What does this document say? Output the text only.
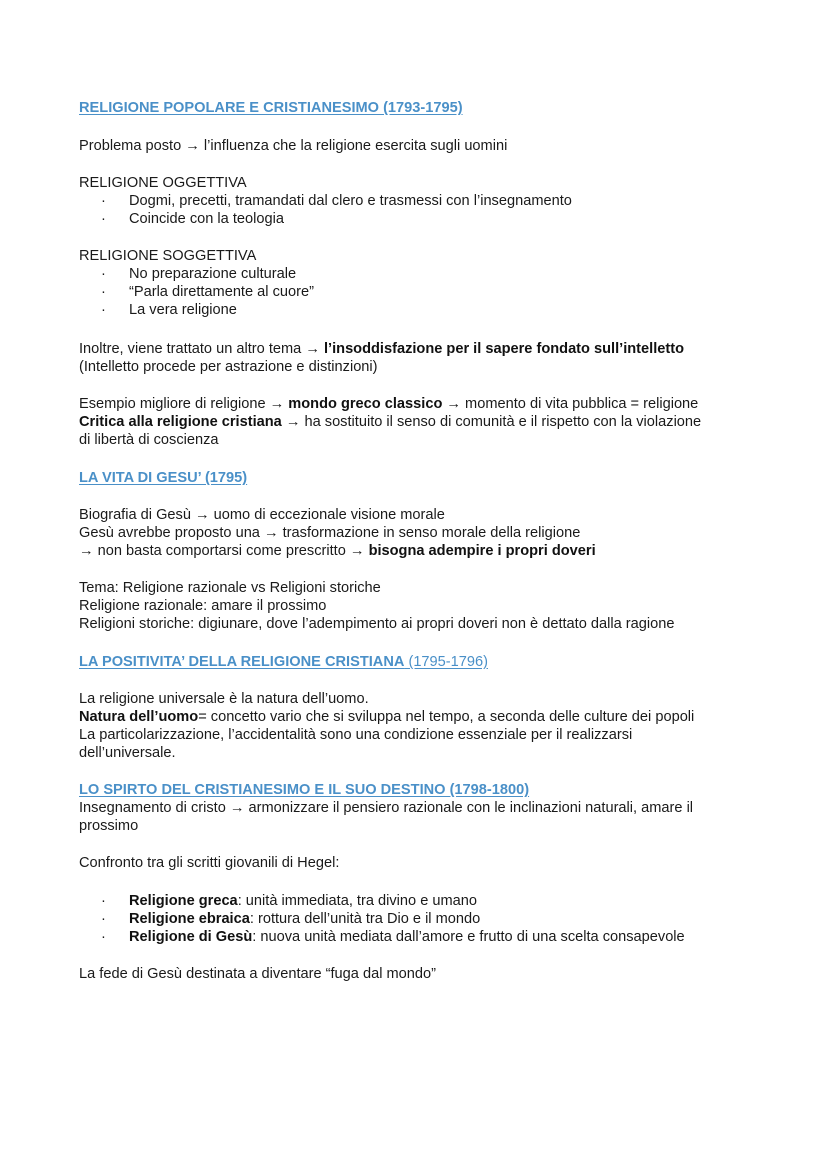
RELIGIONE POPOLARE E CRISTIANESIMO (1793-1795)
Problema posto → l’influenza che la religione esercita sugli uomini
RELIGIONE OGGETTIVA
·	Dogmi, precetti, tramandati dal clero e trasmessi con l’insegnamento
·	Coincide con la teologia
RELIGIONE SOGGETTIVA
·	No preparazione culturale
·	“Parla direttamente al cuore”
·	La vera religione
Inoltre, viene trattato un altro tema → l’insoddisfazione per il sapere fondato sull’intelletto
(Intelletto procede per astrazione e distinzioni)
Esempio migliore di religione → mondo greco classico → momento di vita pubblica = religione
Critica alla religione cristiana → ha sostituito il senso di comunità e il rispetto con la violazione
di libertà di coscienza
LA VITA DI GESU’ (1795)
Biografia di Gesù → uomo di eccezionale visione morale
Gesù avrebbe proposto una → trasformazione in senso morale della religione
→ non basta comportarsi come prescritto → bisogna adempire i propri doveri
Tema: Religione razionale vs Religioni storiche
Religione razionale: amare il prossimo
Religioni storiche: digiunare, dove l’adempimento ai propri doveri non è dettato dalla ragione
LA POSITIVITA’ DELLA RELIGIONE CRISTIANA (1795-1796)
La religione universale è la natura dell’uomo.
Natura dell’uomo= concetto vario che si sviluppa nel tempo, a seconda delle culture dei popoli
La particolarizzazione, l’accidentalità sono una condizione essenziale per il realizzarsi
dell’universale.
LO SPIRTO DEL CRISTIANESIMO E IL SUO DESTINO (1798-1800)
Insegnamento di cristo → armonizzare il pensiero razionale con le inclinazioni naturali, amare il
prossimo
Confronto tra gli scritti giovanili di Hegel:
·	Religione greca: unità immediata, tra divino e umano
·	Religione ebraica: rottura dell’unità tra Dio e il mondo
·	Religione di Gesù: nuova unità mediata dall’amore e frutto di una scelta consapevole
La fede di Gesù destinata a diventare “fuga dal mondo”
